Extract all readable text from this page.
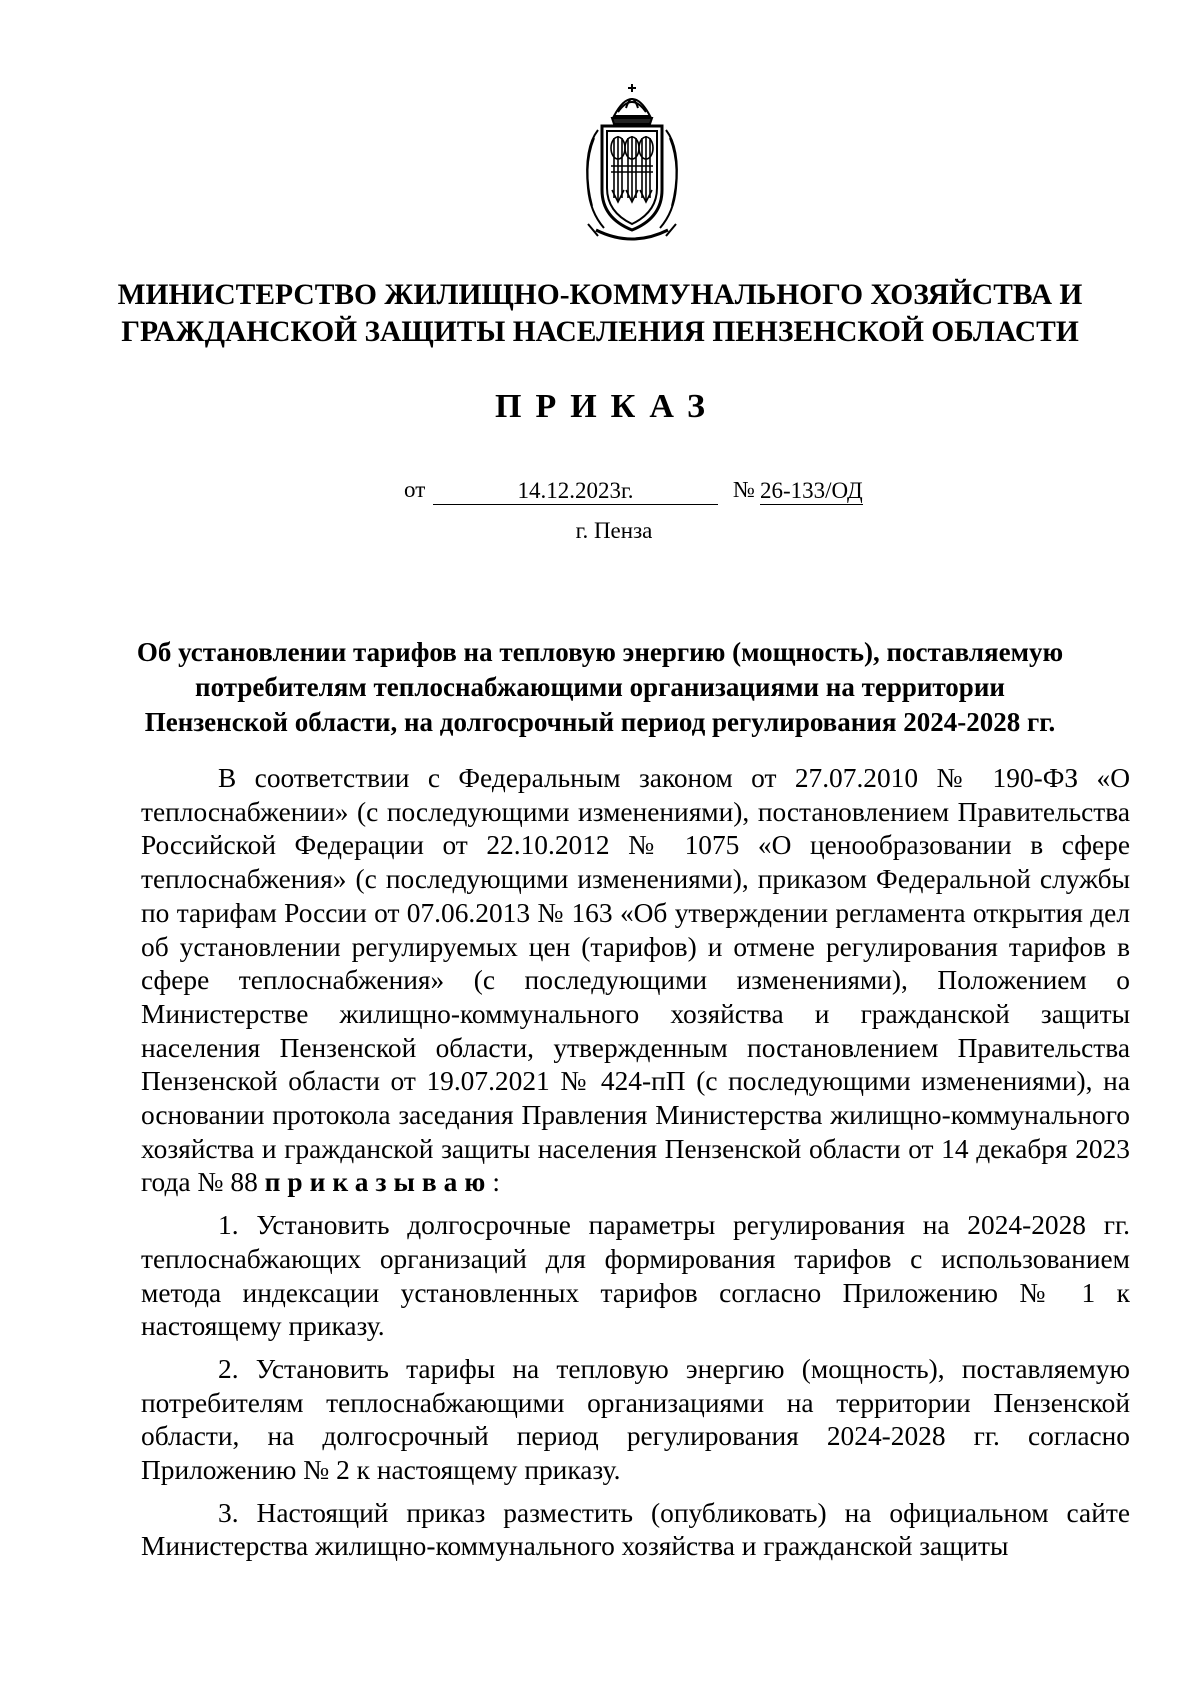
МИНИСТЕРСТВО ЖИЛИЩНО-КОММУНАЛЬНОГО ХОЗЯЙСТВА И ГРАЖДАНСКОЙ ЗАЩИТЫ НАСЕЛЕНИЯ ПЕНЗЕНСКОЙ ОБЛАСТИ
ПРИКАЗ
от	14.12.2023г.	№ 26-133/ОД
г. Пенза
Об установлении тарифов на тепловую энергию (мощность), поставляемую потребителям теплоснабжающими организациями на территории Пензенской области, на долгосрочный период регулирования 2024-2028 гг.

В соответствии с Федеральным законом от 27.07.2010 № 190-ФЗ «О теплоснабжении» (с последующими изменениями), постановлением Правительства Российской Федерации от 22.10.2012 № 1075 «О ценообразовании в сфере теплоснабжения» (с последующими изменениями), приказом Федеральной службы по тарифам России от 07.06.2013 № 163 «Об утверждении регламента открытия дел об установлении регулируемых цен (тарифов) и отмене регулирования тарифов в сфере теплоснабжения» (с последующими изменениями), Положением о Министерстве жилищно-коммунального хозяйства и гражданской защиты населения Пензенской области, утвержденным постановлением Правительства Пензенской области от 19.07.2021 № 424-пП (с последующими изменениями), на основании протокола заседания Правления Министерства жилищно-коммунального хозяйства и гражданской защиты населения Пензенской области от 14 декабря 2023 года № 88 приказываю:

1. Установить долгосрочные параметры регулирования на 2024-2028 гг. теплоснабжающих организаций для формирования тарифов с использованием метода индексации установленных тарифов согласно Приложению № 1 к настоящему приказу.

2. Установить тарифы на тепловую энергию (мощность), поставляемую потребителям теплоснабжающими организациями на территории Пензенской области, на долгосрочный период регулирования 2024-2028 гг. согласно Приложению № 2 к настоящему приказу.

3. Настоящий приказ разместить (опубликовать) на официальном сайте Министерства жилищно-коммунального хозяйства и гражданской защиты
